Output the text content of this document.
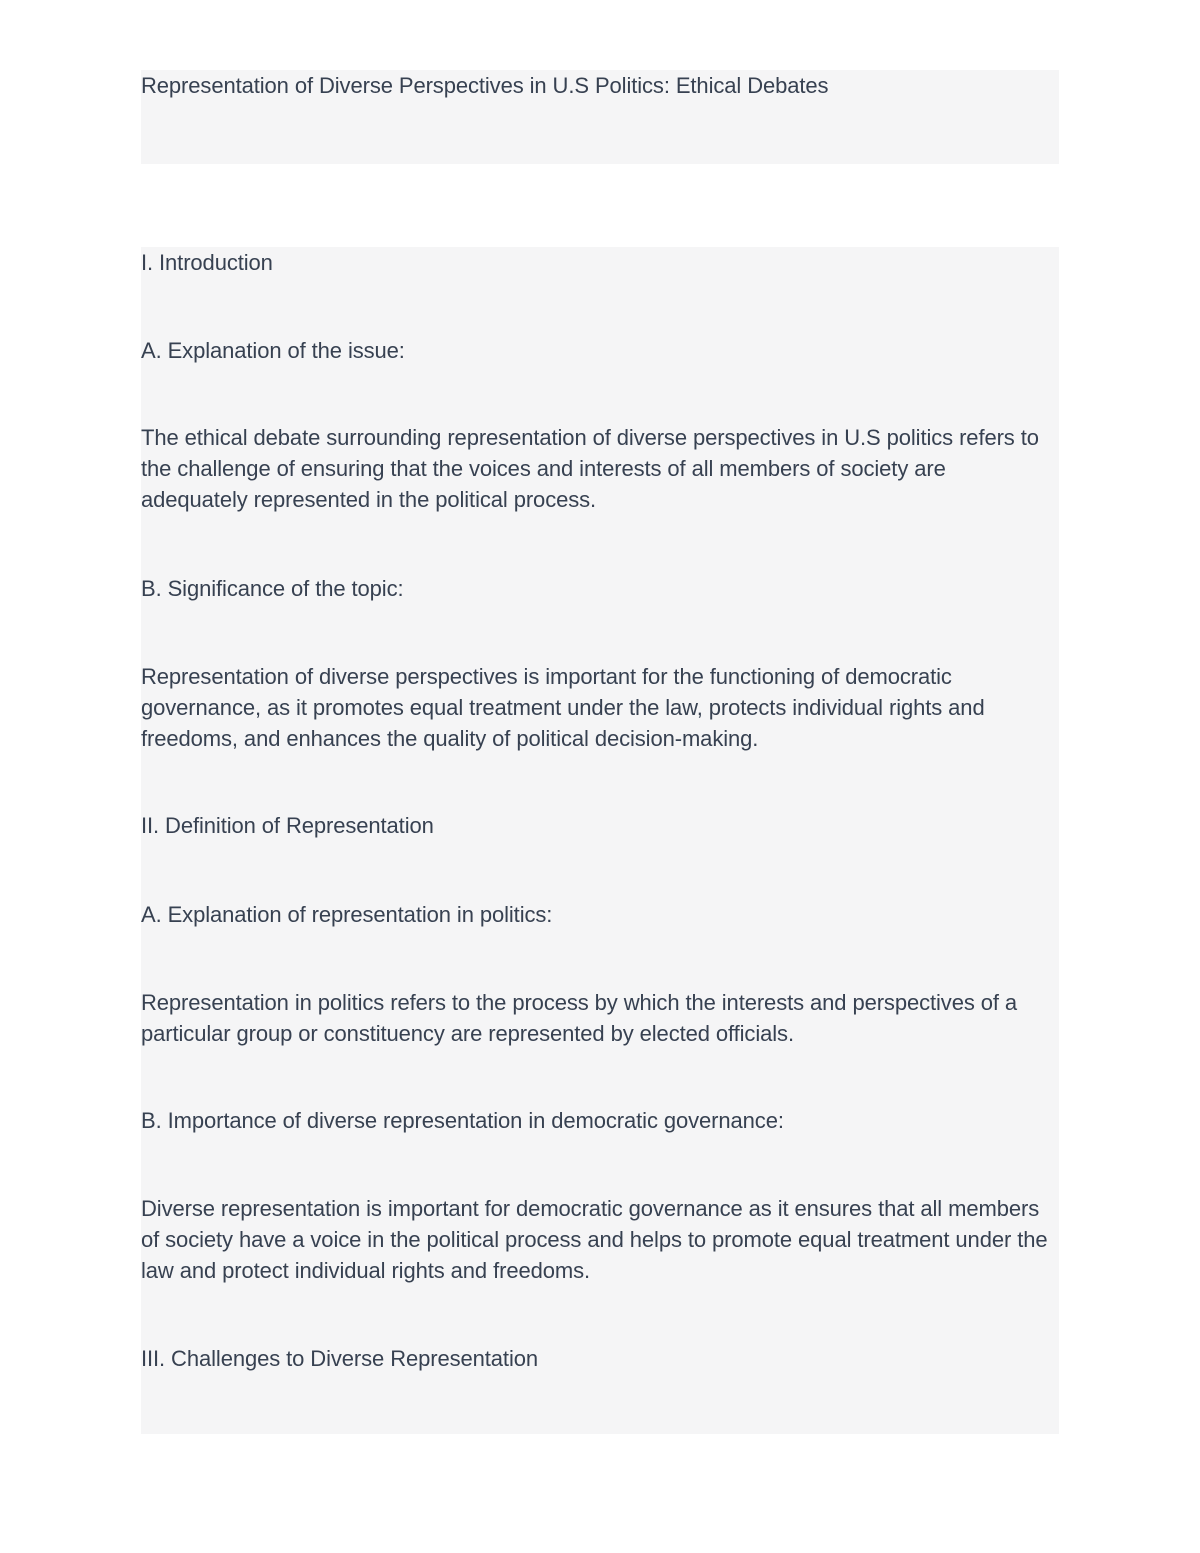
Representation of Diverse Perspectives in U.S Politics: Ethical Debates

I. Introduction

A. Explanation of the issue:

The ethical debate surrounding representation of diverse perspectives in U.S politics refers to the challenge of ensuring that the voices and interests of all members of society are adequately represented in the political process.

B. Significance of the topic:

Representation of diverse perspectives is important for the functioning of democratic governance, as it promotes equal treatment under the law, protects individual rights and freedoms, and enhances the quality of political decision-making.

II. Definition of Representation

A. Explanation of representation in politics:

Representation in politics refers to the process by which the interests and perspectives of a particular group or constituency are represented by elected officials.

B. Importance of diverse representation in democratic governance:

Diverse representation is important for democratic governance as it ensures that all members of society have a voice in the political process and helps to promote equal treatment under the law and protect individual rights and freedoms.

III. Challenges to Diverse Representation
